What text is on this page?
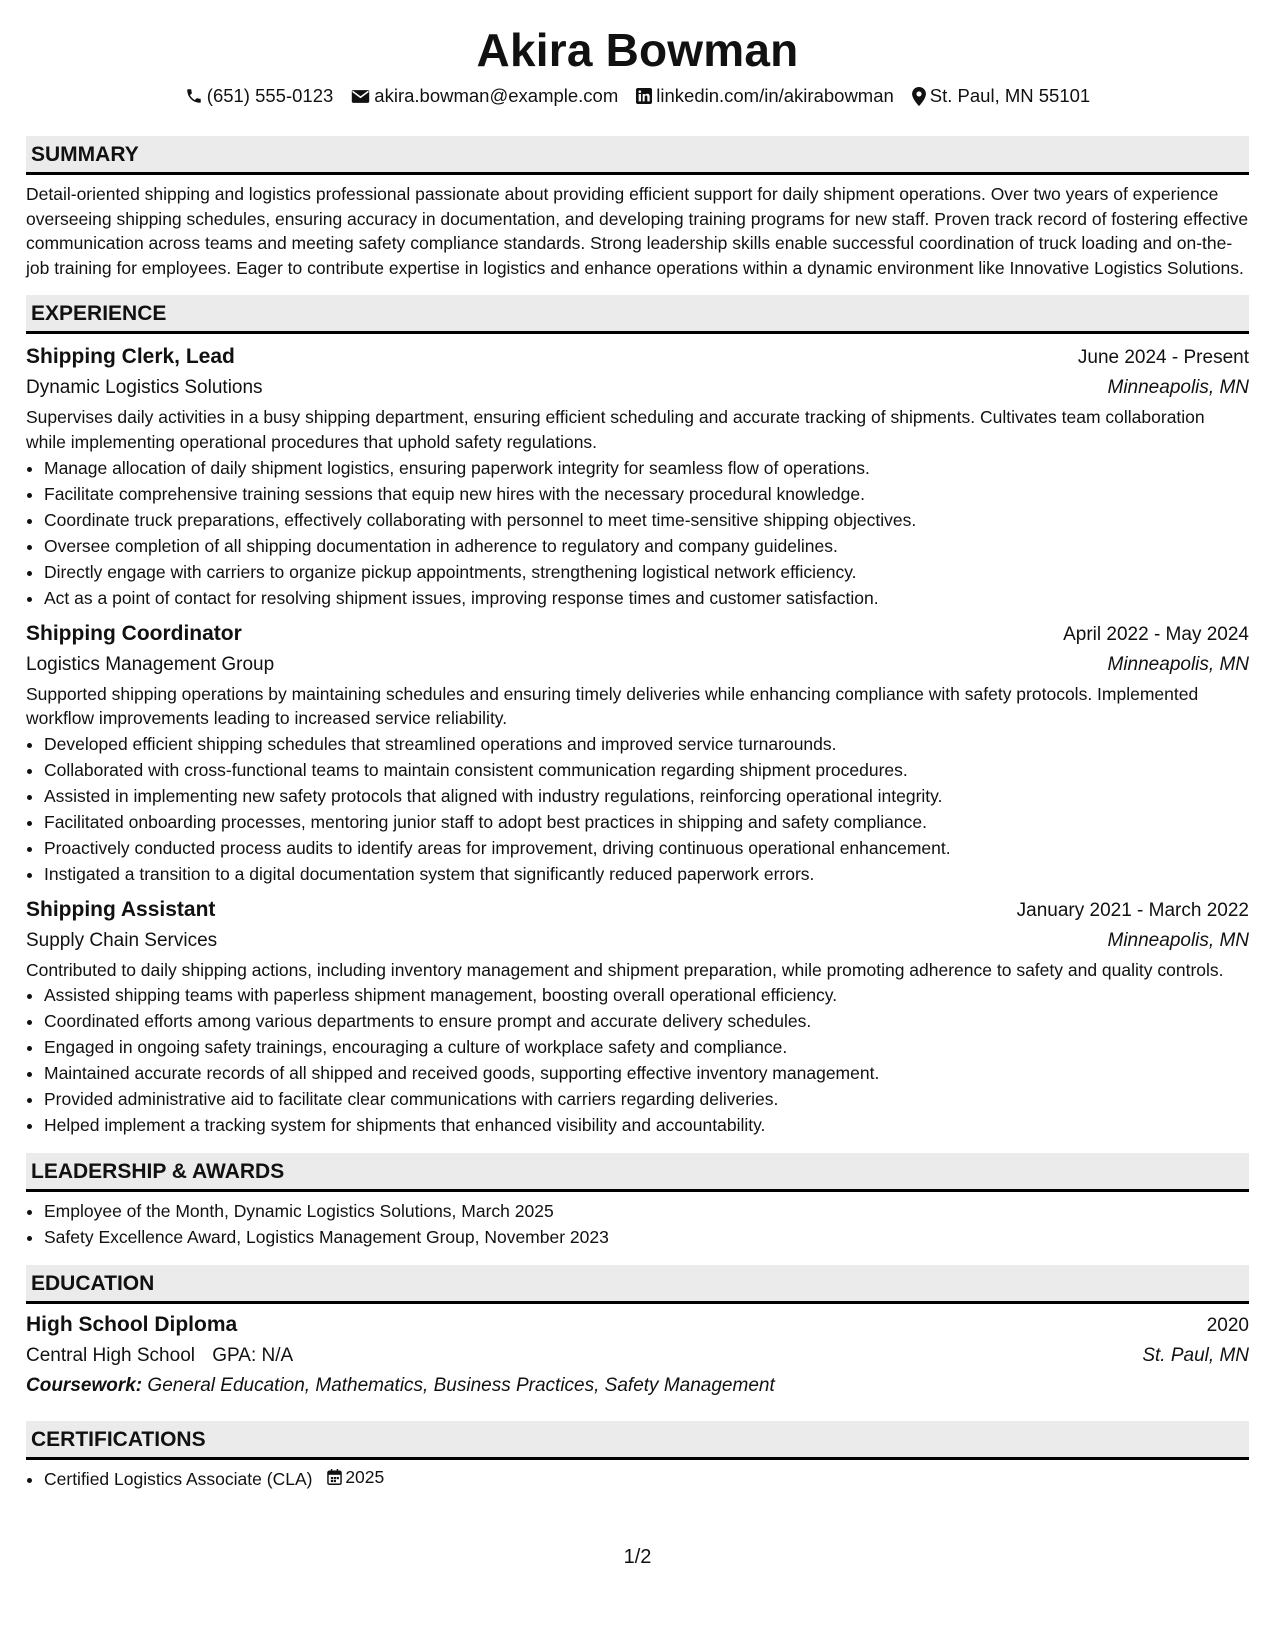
Akira Bowman
(651) 555-0123 akira.bowman@example.com linkedin.com/in/akirabowman St. Paul, MN 55101
SUMMARY
Detail-oriented shipping and logistics professional passionate about providing efficient support for daily shipment operations. Over two years of experience overseeing shipping schedules, ensuring accuracy in documentation, and developing training programs for new staff. Proven track record of fostering effective communication across teams and meeting safety compliance standards. Strong leadership skills enable successful coordination of truck loading and on-the-job training for employees. Eager to contribute expertise in logistics and enhance operations within a dynamic environment like Innovative Logistics Solutions.
EXPERIENCE
Shipping Clerk, Lead	June 2024 - Present
Dynamic Logistics Solutions	Minneapolis, MN
Supervises daily activities in a busy shipping department, ensuring efficient scheduling and accurate tracking of shipments. Cultivates team collaboration while implementing operational procedures that uphold safety regulations.
• Manage allocation of daily shipment logistics, ensuring paperwork integrity for seamless flow of operations.
• Facilitate comprehensive training sessions that equip new hires with the necessary procedural knowledge.
• Coordinate truck preparations, effectively collaborating with personnel to meet time-sensitive shipping objectives.
• Oversee completion of all shipping documentation in adherence to regulatory and company guidelines.
• Directly engage with carriers to organize pickup appointments, strengthening logistical network efficiency.
• Act as a point of contact for resolving shipment issues, improving response times and customer satisfaction.
Shipping Coordinator	April 2022 - May 2024
Logistics Management Group	Minneapolis, MN
Supported shipping operations by maintaining schedules and ensuring timely deliveries while enhancing compliance with safety protocols. Implemented workflow improvements leading to increased service reliability.
• Developed efficient shipping schedules that streamlined operations and improved service turnarounds.
• Collaborated with cross-functional teams to maintain consistent communication regarding shipment procedures.
• Assisted in implementing new safety protocols that aligned with industry regulations, reinforcing operational integrity.
• Facilitated onboarding processes, mentoring junior staff to adopt best practices in shipping and safety compliance.
• Proactively conducted process audits to identify areas for improvement, driving continuous operational enhancement.
• Instigated a transition to a digital documentation system that significantly reduced paperwork errors.
Shipping Assistant	January 2021 - March 2022
Supply Chain Services	Minneapolis, MN
Contributed to daily shipping actions, including inventory management and shipment preparation, while promoting adherence to safety and quality controls.
• Assisted shipping teams with paperless shipment management, boosting overall operational efficiency.
• Coordinated efforts among various departments to ensure prompt and accurate delivery schedules.
• Engaged in ongoing safety trainings, encouraging a culture of workplace safety and compliance.
• Maintained accurate records of all shipped and received goods, supporting effective inventory management.
• Provided administrative aid to facilitate clear communications with carriers regarding deliveries.
• Helped implement a tracking system for shipments that enhanced visibility and accountability.
LEADERSHIP & AWARDS
• Employee of the Month, Dynamic Logistics Solutions, March 2025
• Safety Excellence Award, Logistics Management Group, November 2023
EDUCATION
High School Diploma	2020
Central High School GPA: N/A	St. Paul, MN
Coursework: General Education, Mathematics, Business Practices, Safety Management
CERTIFICATIONS
• Certified Logistics Associate (CLA) 2025
1/2
